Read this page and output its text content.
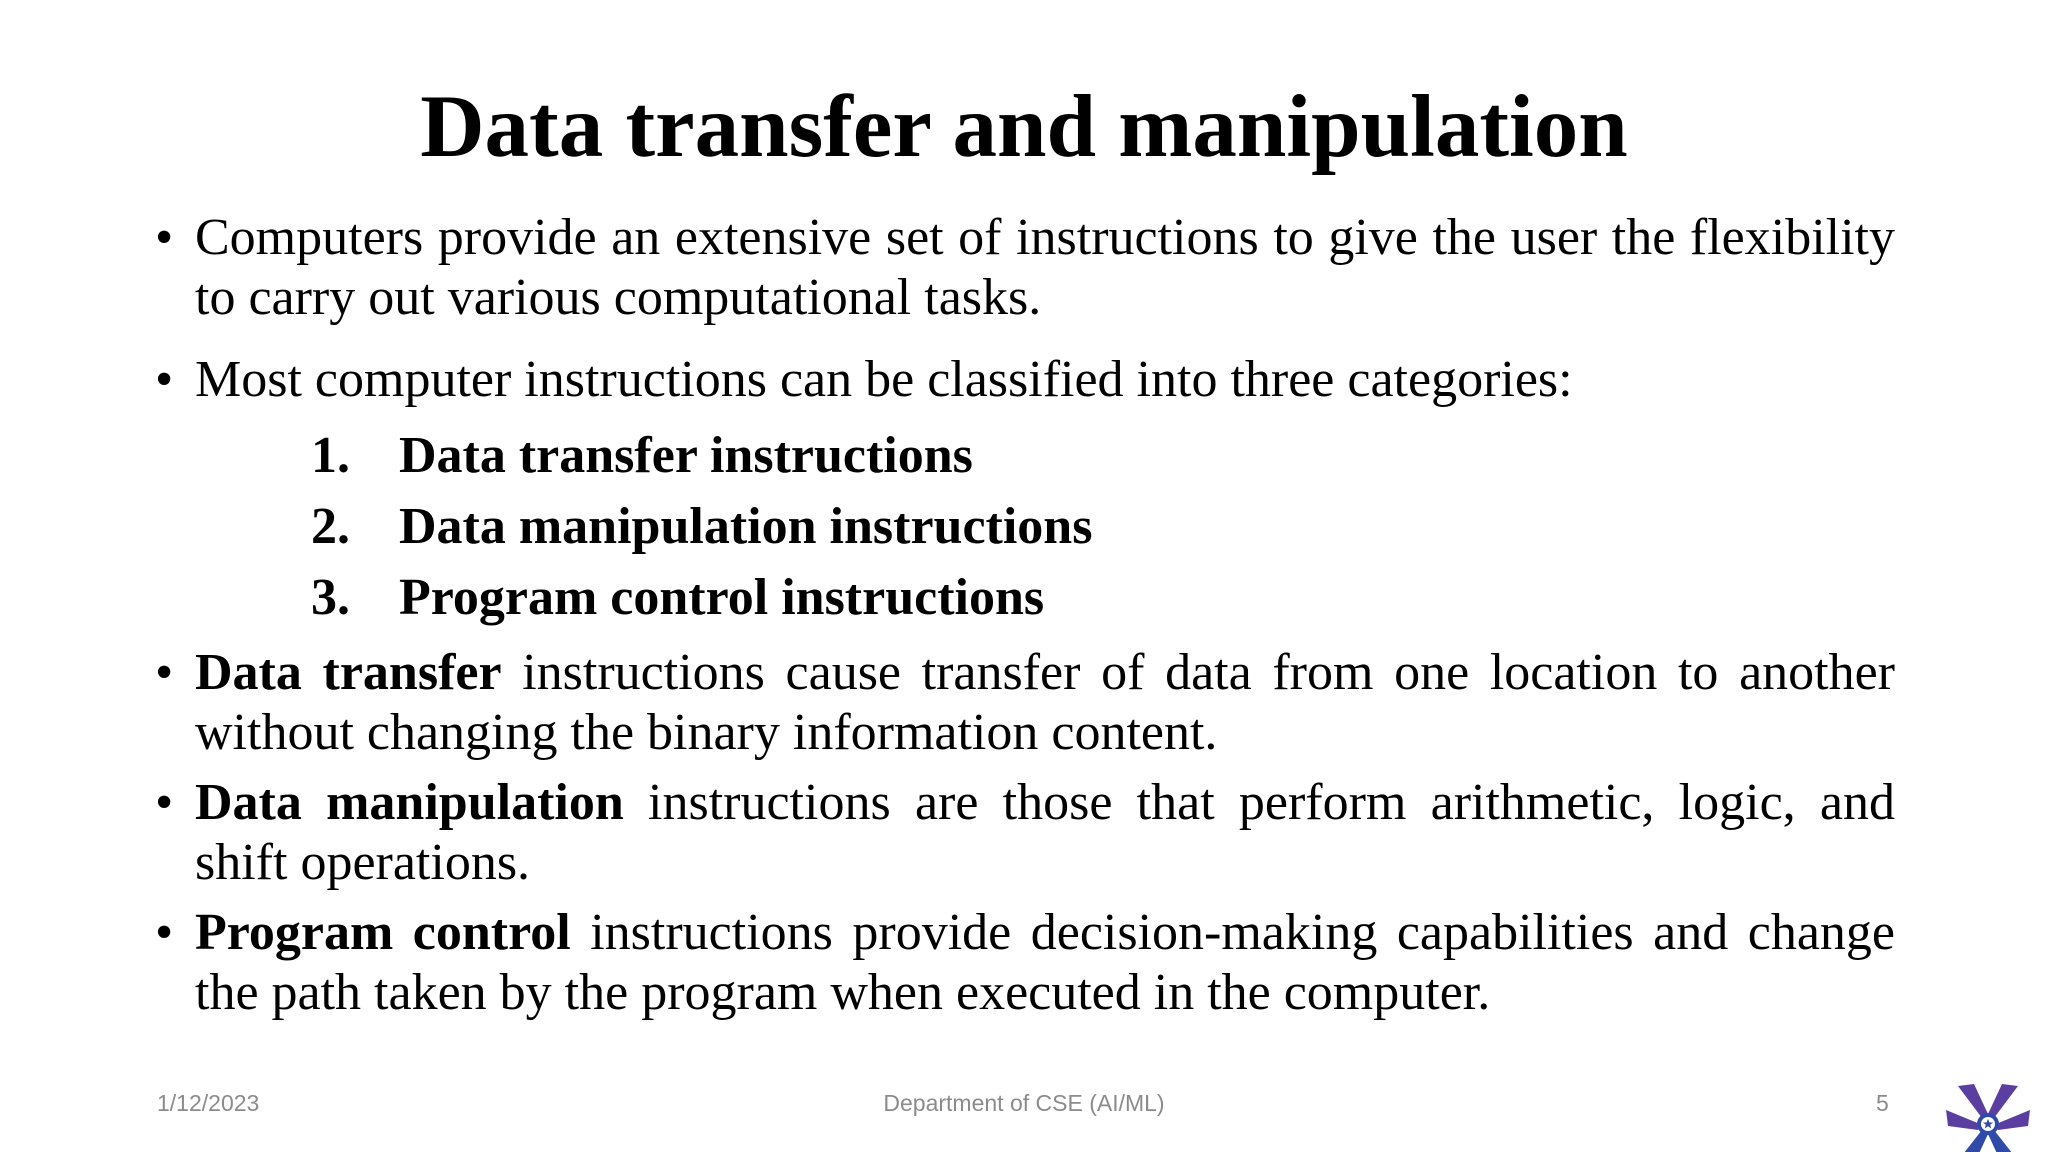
Data transfer and manipulation
• Computers provide an extensive set of instructions to give the user the flexibility to carry out various computational tasks.
• Most computer instructions can be classified into three categories:
1. Data transfer instructions
2. Data manipulation instructions
3. Program control instructions
• Data transfer instructions cause transfer of data from one location to another without changing the binary information content.
• Data manipulation instructions are those that perform arithmetic, logic, and shift operations.
• Program control instructions provide decision-making capabilities and change the path taken by the program when executed in the computer.
1/12/2023	Department of CSE (AI/ML)	5
